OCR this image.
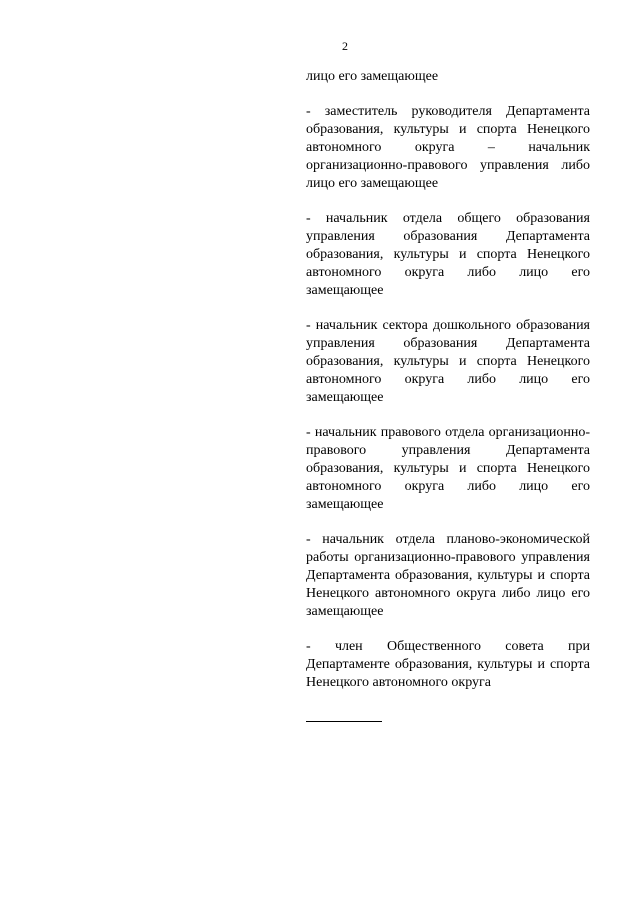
2

лицо его замещающее

- заместитель руководителя Департамента образования, культуры и спорта Ненецкого автономного округа – начальник организационно-правового управления либо лицо его замещающее

- начальник отдела общего образования управления образования Департамента образования, культуры и спорта Ненецкого автономного округа либо лицо его замещающее

- начальник сектора дошкольного образования управления образования Департамента образования, культуры и спорта Ненецкого автономного округа либо лицо его замещающее

- начальник правового отдела организационно-правового управления Департамента образования, культуры и спорта Ненецкого автономного округа либо лицо его замещающее

- начальник отдела планово-экономической работы организационно-правового управления Департамента образования, культуры и спорта Ненецкого автономного округа либо лицо его замещающее

- член Общественного совета при Департаменте образования, культуры и спорта Ненецкого автономного округа
